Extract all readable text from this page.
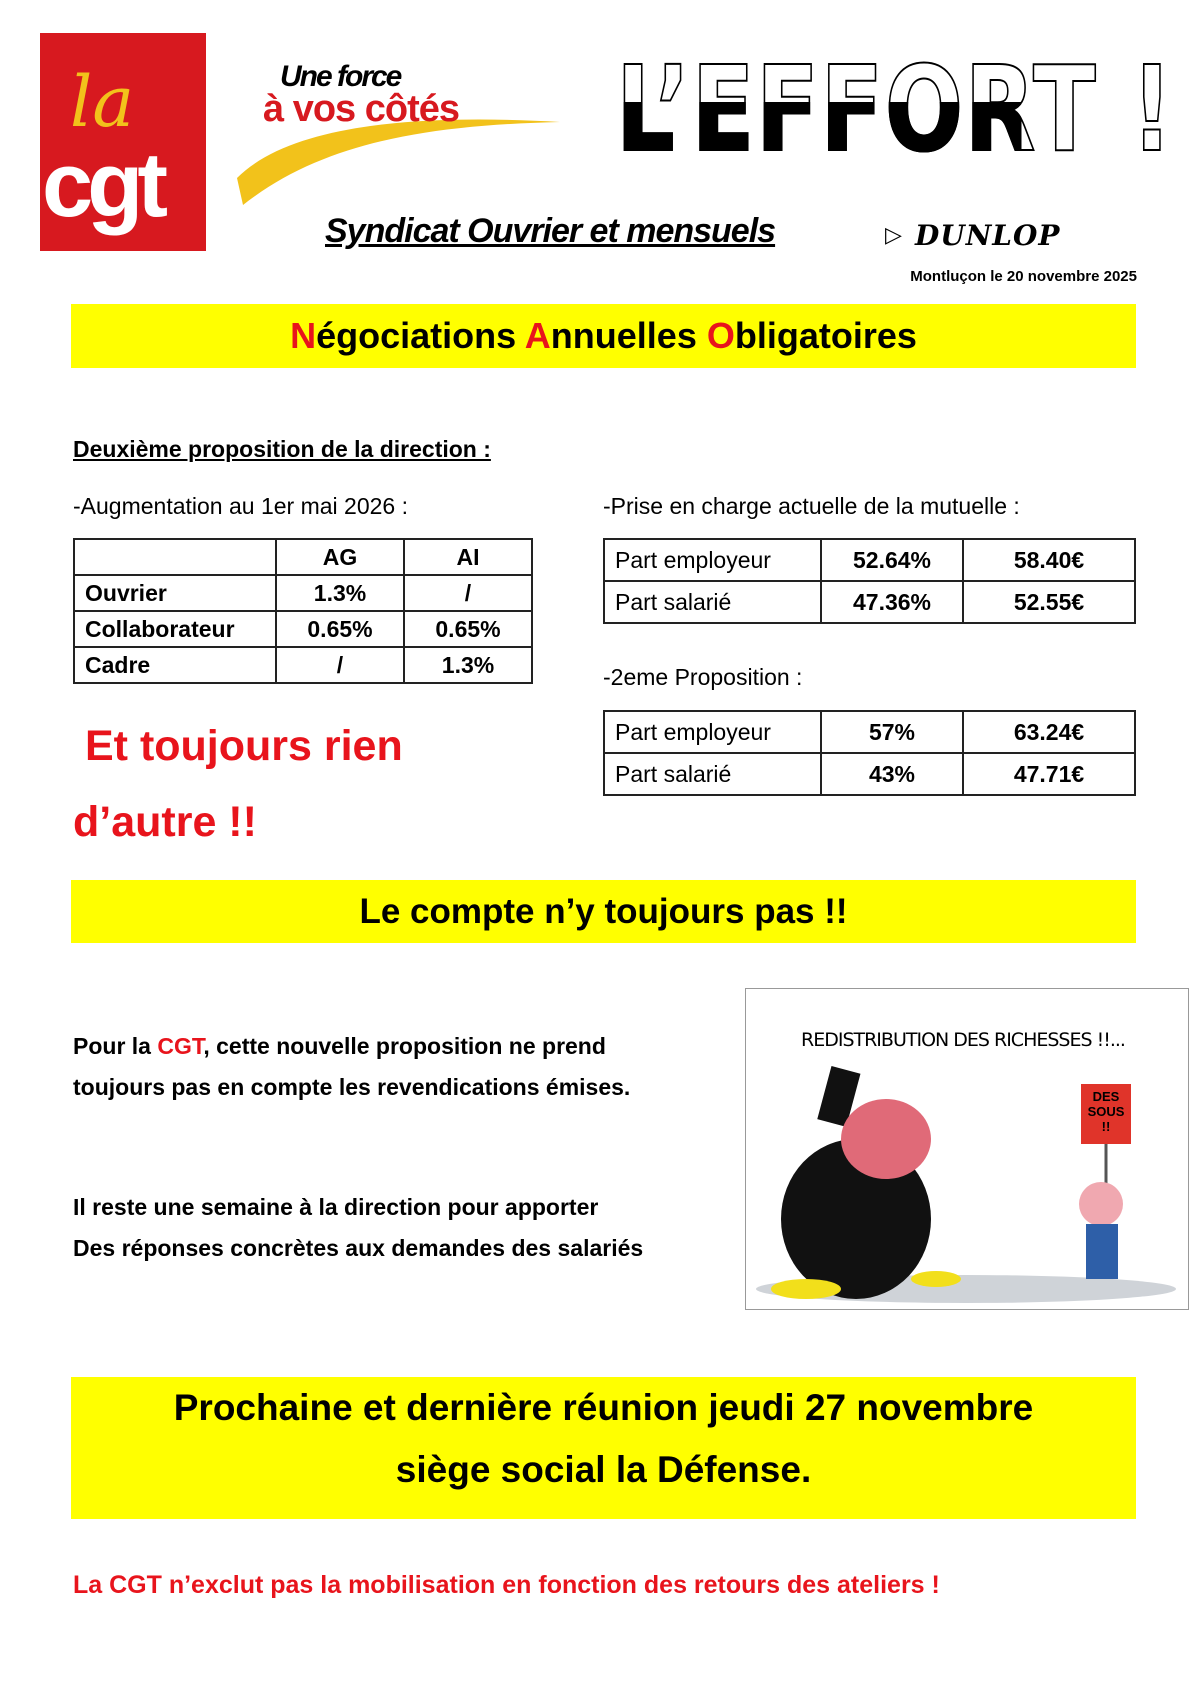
la
cgt
Une force
à vos côtés L’EFFORT !
Syndicat Ouvrier et mensuels	▷ DUNLOP
Montluçon le 20 novembre 2025
Négociations Annuelles Obligatoires
Deuxième proposition de la direction :
-Augmentation au 1er mai 2026 :
	AG	AI
Ouvrier	1.3%	/
Collaborateur	0.65%	0.65%
Cadre	/	1.3%
-Prise en charge actuelle de la mutuelle :
Part employeur	52.64%	58.40€
Part salarié	47.36%	52.55€
-2eme Proposition :
Part employeur	57%	63.24€
Part salarié	43%	47.71€
Et toujours rien
d’autre !!
Le compte n’y toujours pas !!
Pour la CGT, cette nouvelle proposition ne prend
toujours pas en compte les revendications émises.
Il reste une semaine à la direction pour apporter
Des réponses concrètes aux demandes des salariés
REDISTRIBUTION DES RICHESSES !!...
DES SOUS !!
Prochaine et dernière réunion jeudi 27 novembre
siège social la Défense.
La CGT n’exclut pas la mobilisation en fonction des retours des ateliers !
